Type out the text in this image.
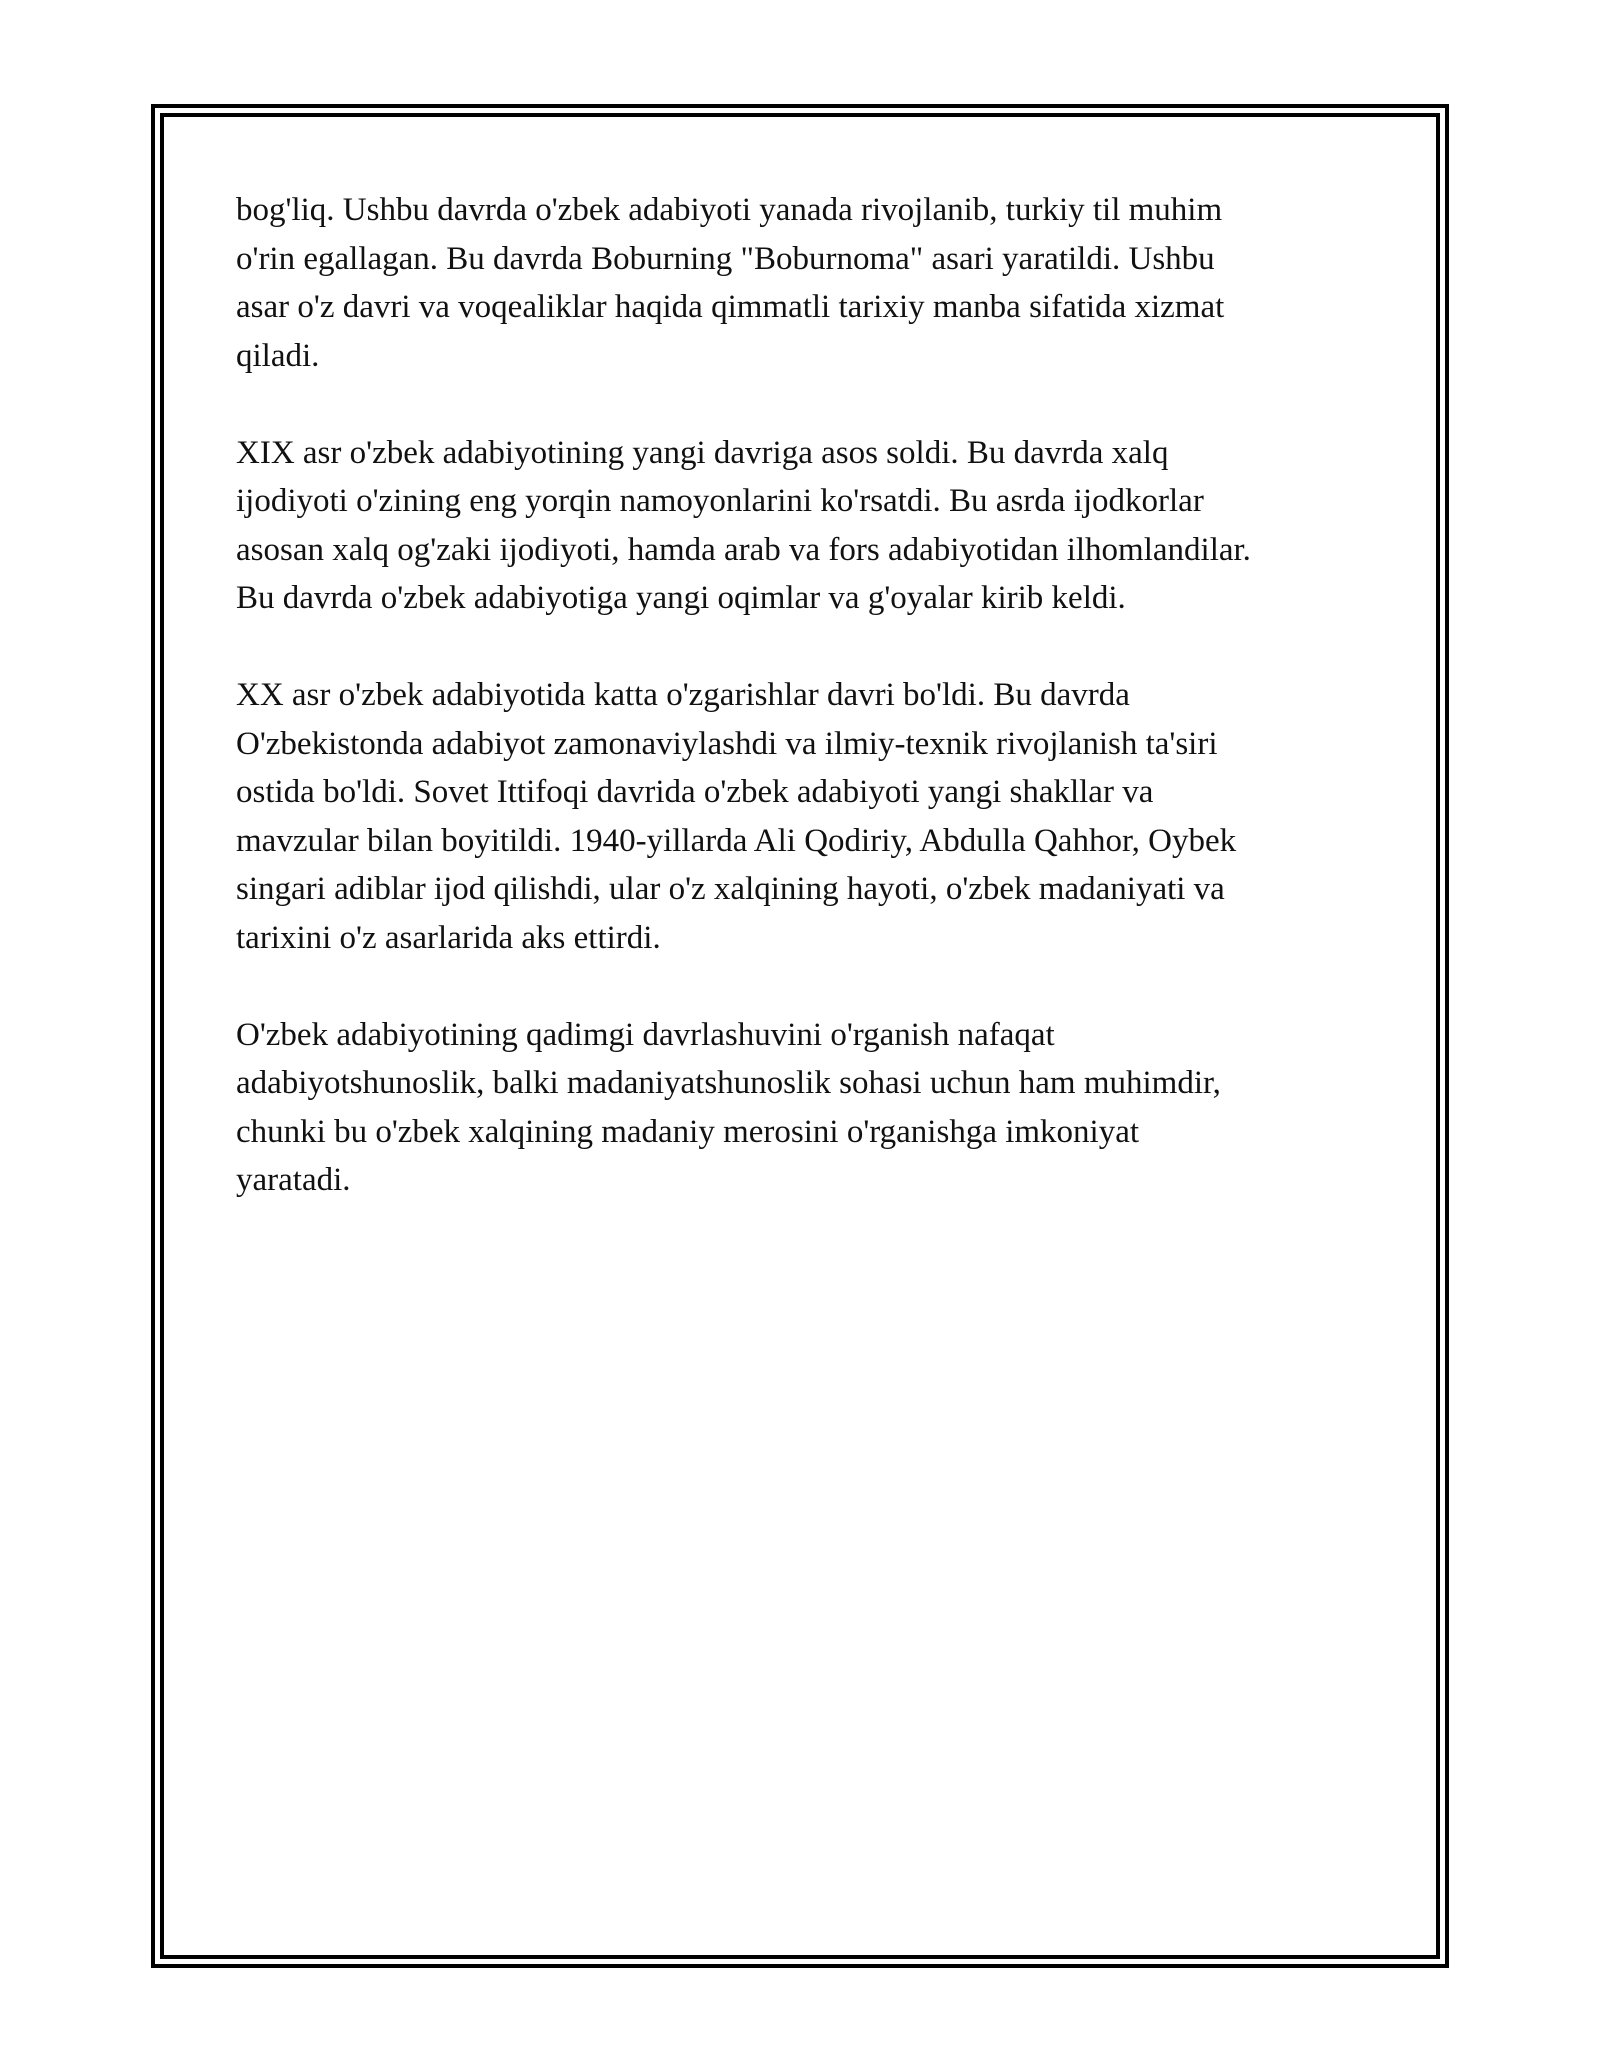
bog'liq. Ushbu davrda o'zbek adabiyoti yanada rivojlanib, turkiy til muhim
o'rin egallagan. Bu davrda Boburning "Boburnoma" asari yaratildi. Ushbu
asar o'z davri va voqealiklar haqida qimmatli tarixiy manba sifatida xizmat
qiladi.

XIX asr o'zbek adabiyotining yangi davriga asos soldi. Bu davrda xalq
ijodiyoti o'zining eng yorqin namoyonlarini ko'rsatdi. Bu asrda ijodkorlar
asosan xalq og'zaki ijodiyoti, hamda arab va fors adabiyotidan ilhomlandilar.
Bu davrda o'zbek adabiyotiga yangi oqimlar va g'oyalar kirib keldi.

XX asr o'zbek adabiyotida katta o'zgarishlar davri bo'ldi. Bu davrda
O'zbekistonda adabiyot zamonaviylashdi va ilmiy-texnik rivojlanish ta'siri
ostida bo'ldi. Sovet Ittifoqi davrida o'zbek adabiyoti yangi shakllar va
mavzular bilan boyitildi. 1940-yillarda Ali Qodiriy, Abdulla Qahhor, Oybek
singari adiblar ijod qilishdi, ular o'z xalqining hayoti, o'zbek madaniyati va
tarixini o'z asarlarida aks ettirdi.

O'zbek adabiyotining qadimgi davrlashuvini o'rganish nafaqat
adabiyotshunoslik, balki madaniyatshunoslik sohasi uchun ham muhimdir,
chunki bu o'zbek xalqining madaniy merosini o'rganishga imkoniyat
yaratadi.
